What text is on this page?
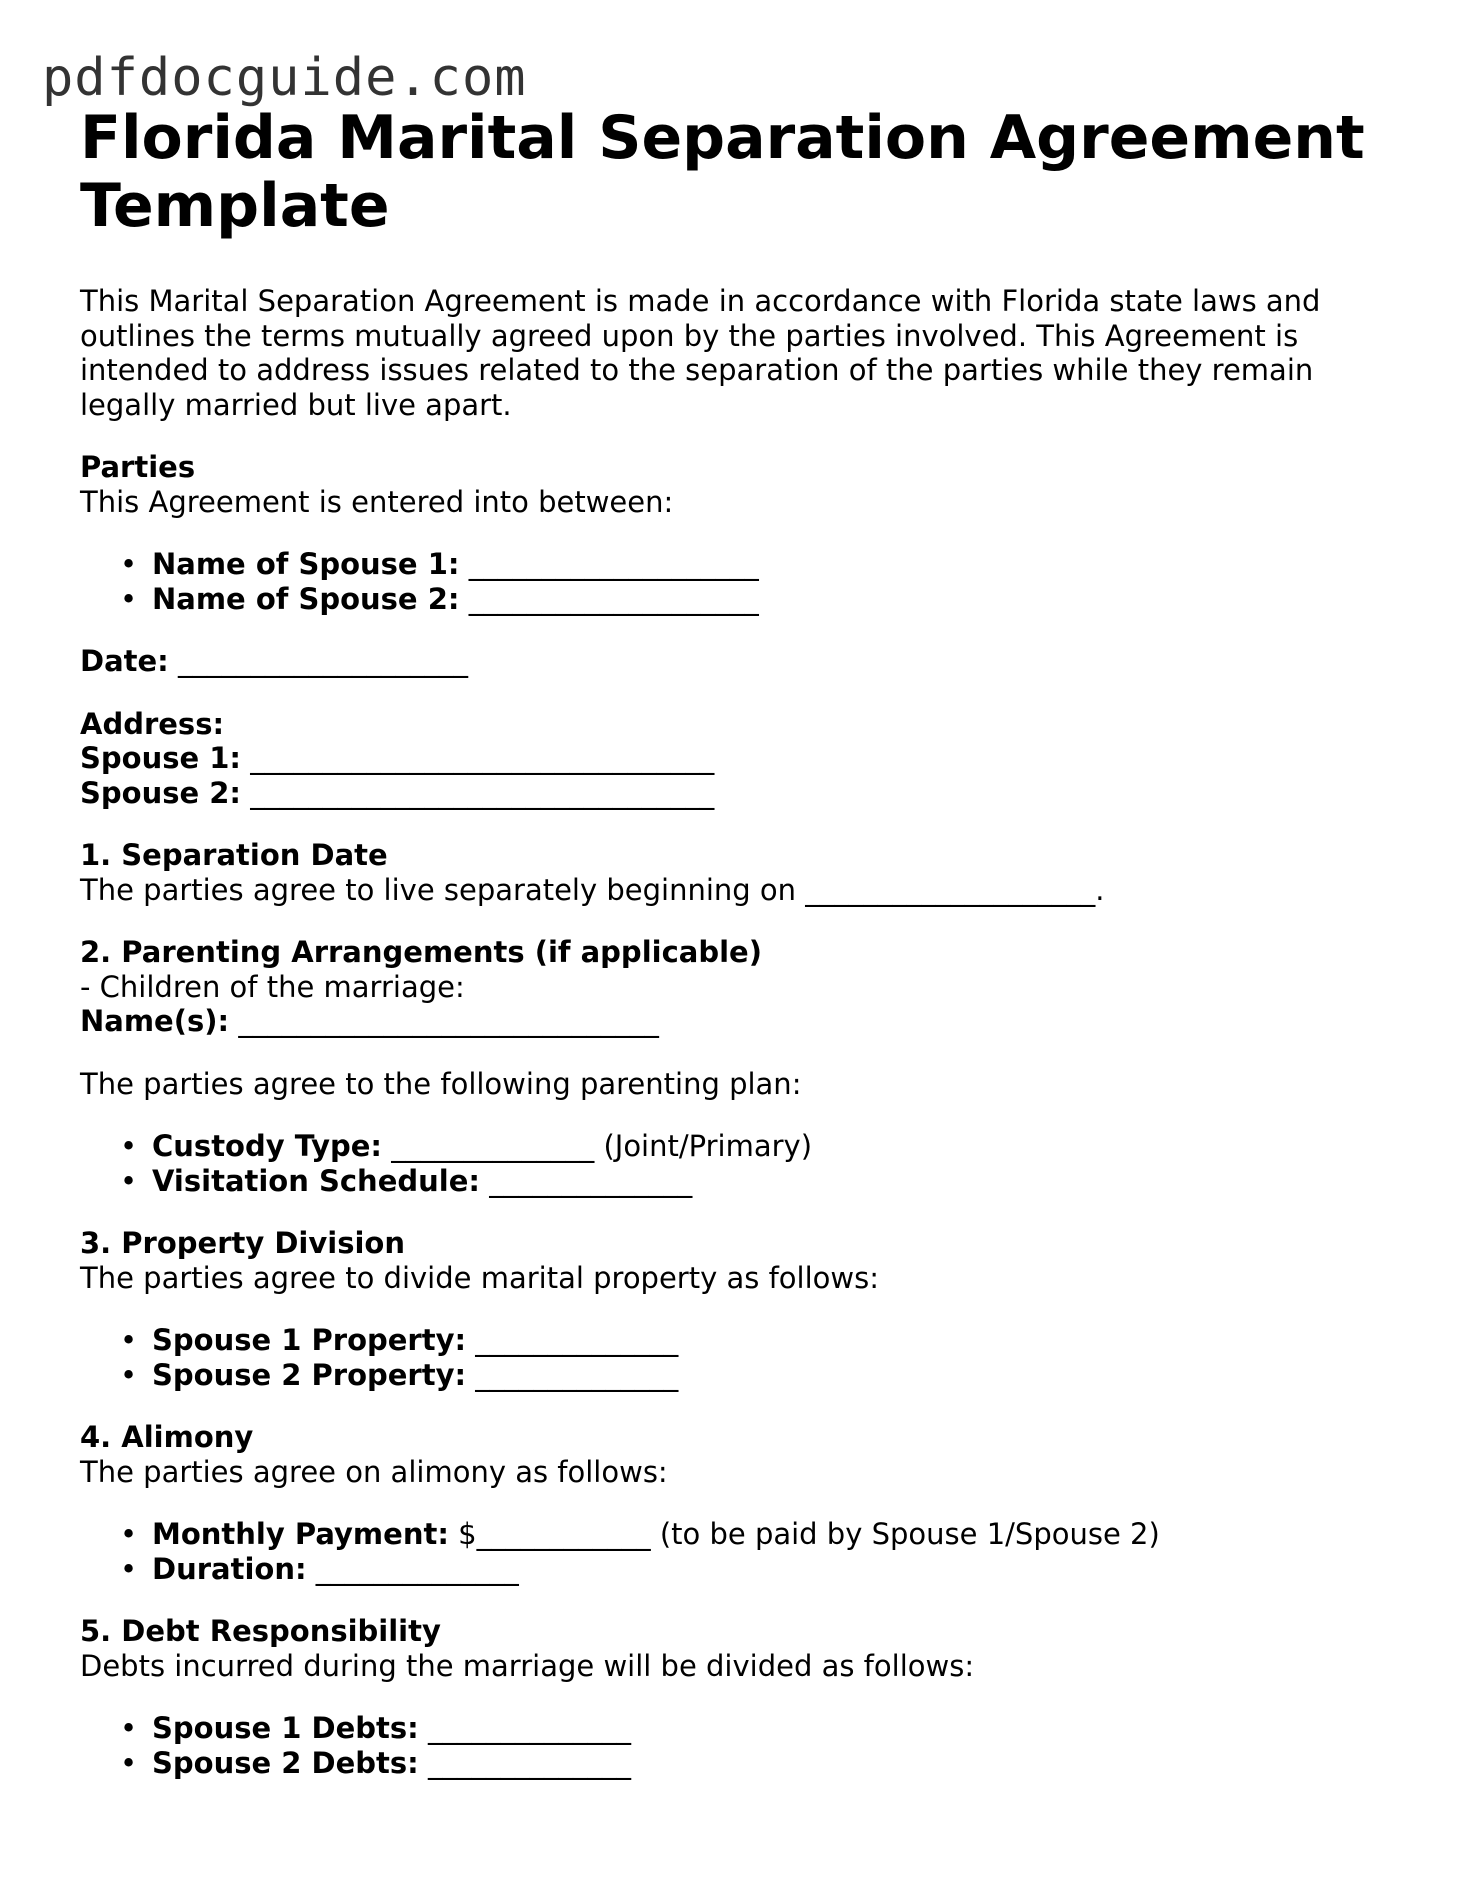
pdfdocguide.com
Florida Marital Separation Agreement
Template

This Marital Separation Agreement is made in accordance with Florida state laws and outlines the terms mutually agreed upon by the parties involved. This Agreement is intended to address issues related to the separation of the parties while they remain legally married but live apart.

Parties
This Agreement is entered into between:
• Name of Spouse 1: ____________________
• Name of Spouse 2: ____________________
Date: ____________________
Address:
Spouse 1: ________________________________
Spouse 2: ________________________________
1. Separation Date
The parties agree to live separately beginning on ____________________.
2. Parenting Arrangements (if applicable)
- Children of the marriage:
Name(s): _____________________________
The parties agree to the following parenting plan:
• Custody Type: ______________ (Joint/Primary)
• Visitation Schedule: ______________
3. Property Division
The parties agree to divide marital property as follows:
• Spouse 1 Property: ______________
• Spouse 2 Property: ______________
4. Alimony
The parties agree on alimony as follows:
• Monthly Payment: $____________ (to be paid by Spouse 1/Spouse 2)
• Duration: ______________
5. Debt Responsibility
Debts incurred during the marriage will be divided as follows:
• Spouse 1 Debts: ______________
• Spouse 2 Debts: ______________
